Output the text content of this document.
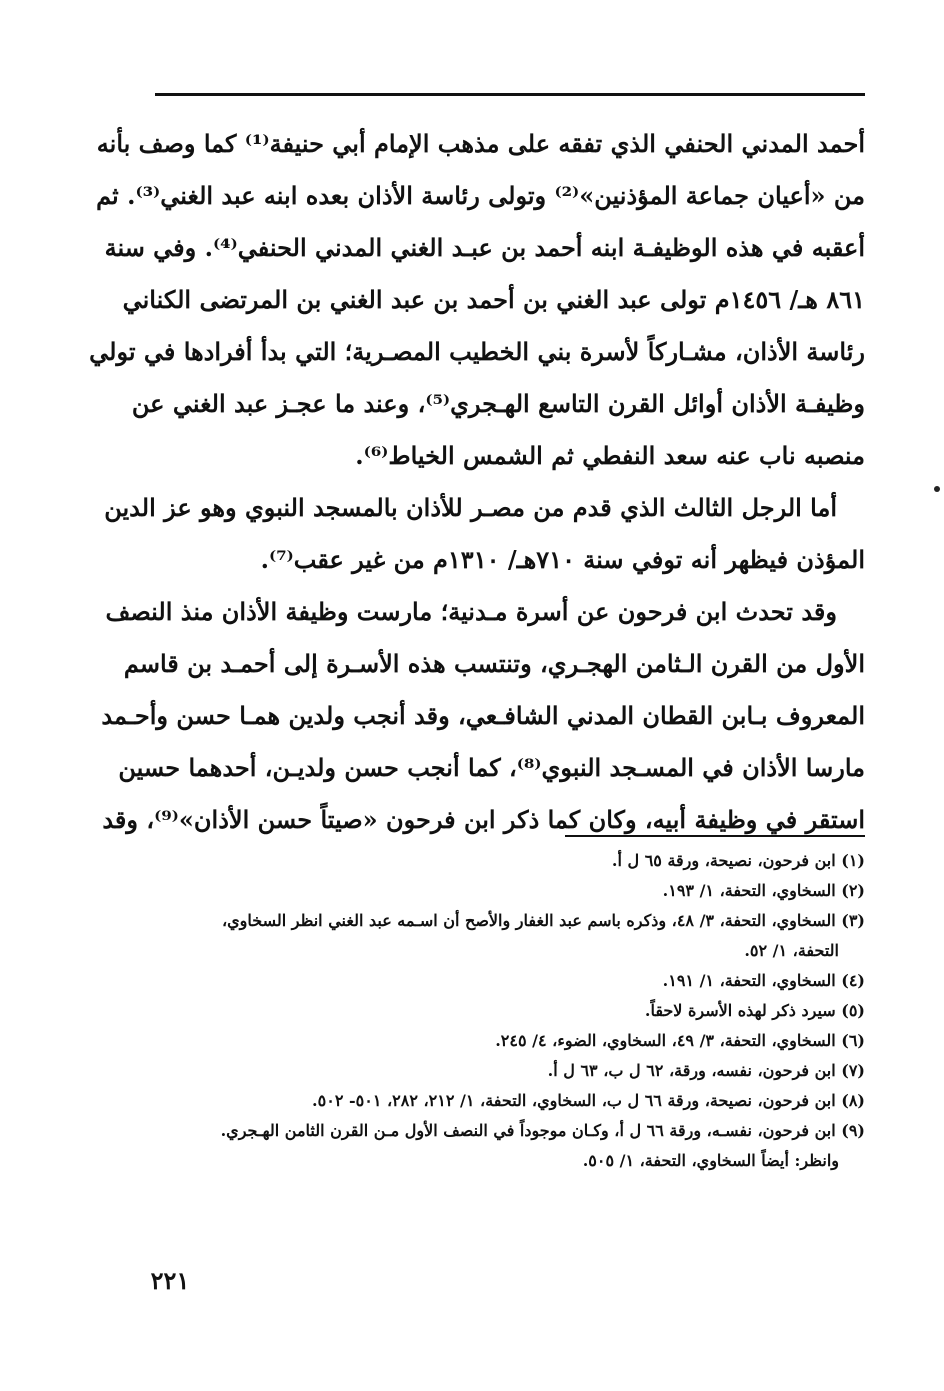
أحمد المدني الحنفي الذي تفقه على مذهب الإمام أبي حنيفة⁽¹⁾ كما وصف بأنه
من «أعيان جماعة المؤذنين»⁽²⁾ وتولى رئاسة الأذان بعده ابنه عبد الغني⁽³⁾. ثم
أعقبه في هذه الوظيفـة ابنه أحمد بن عبـد الغني المدني الحنفي⁽⁴⁾. وفي سنة
٨٦١ هـ/ ١٤٥٦م تولى عبد الغني بن أحمد بن عبد الغني بن المرتضى الكناني
رئاسة الأذان، مشـاركاً لأسرة بني الخطيب المصـرية؛ التي بدأ أفرادها في تولي
وظيفـة الأذان أوائل القرن التاسع الهـجري⁽⁵⁾، وعند ما عجـز عبد الغني عن
منصبه ناب عنه سعد النفطي ثم الشمس الخياط⁽⁶⁾.
أما الرجل الثالث الذي قدم من مصـر للأذان بالمسجد النبوي وهو عز الدين
المؤذن فيظهر أنه توفي سنة ٧١٠هـ/ ١٣١٠م من غير عقب⁽⁷⁾.
وقد تحدث ابن فرحون عن أسرة مـدنية؛ مارست وظيفة الأذان منذ النصف
الأول من القرن الـثامن الهجـري، وتنتسب هذه الأسـرة إلى أحمـد بن قاسم
المعروف بـابن القطان المدني الشافـعي، وقد أنجب ولدين همـا حسن وأحـمد
مارسا الأذان في المسـجد النبوي⁽⁸⁾، كما أنجب حسن ولديـن، أحدهما حسين
استقر في وظيفة أبيه، وكان كما ذكر ابن فرحون «صيتاً حسن الأذان»⁽⁹⁾، وقد
(١) ابن فرحون، نصيحة، ورقة ٦٥ ل أ.
(٢) السخاوي، التحفة، ١/ ١٩٣.
(٣) السخاوي، التحفة، ٣/ ٤٨، وذكره باسم عبد الغفار والأصح أن اسـمه عبد الغني انظر السخاوي،
التحفة، ١/ ٥٢.
(٤) السخاوي، التحفة، ١/ ١٩١.
(٥) سيرد ذكر لهذه الأسرة لاحقاً.
(٦) السخاوي، التحفة، ٣/ ٤٩، السخاوي، الضوء، ٤/ ٢٤٥.
(٧) ابن فرحون، نفسه، ورقة، ٦٢ ل ب، ٦٣ ل أ.
(٨) ابن فرحون، نصيحة، ورقة ٦٦ ل ب، السخاوي، التحفة، ١/ ٢١٢، ٢٨٢، ٥٠١- ٥٠٢.
(٩) ابن فرحون، نفسـه، ورقة ٦٦ ل أ، وكـان موجوداً في النصف الأول مـن القرن الثامن الهـجري.
وانظر: أيضاً السخاوي، التحفة، ١/ ٥٠٥.
٢٢١
